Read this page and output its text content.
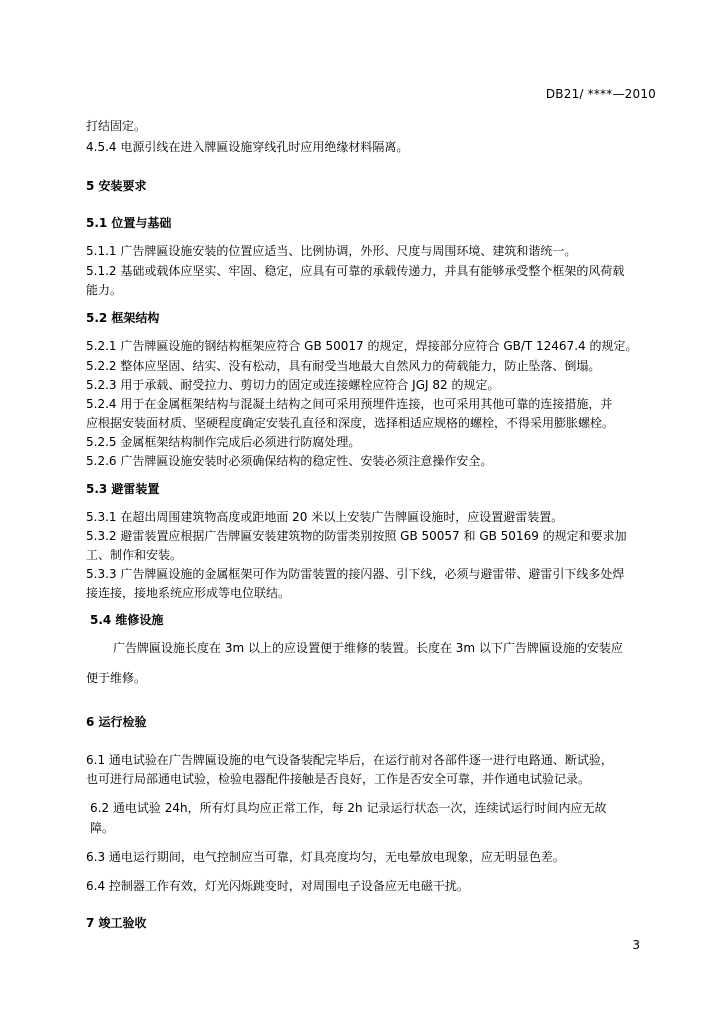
DB21/ ****—2010
打结固定。
4.5.4 电源引线在进入牌匾设施穿线孔时应用绝缘材料隔离。
5 安装要求
5.1 位置与基础
5.1.1 广告牌匾设施安装的位置应适当、比例协调，外形、尺度与周围环境、建筑和谐统一。
5.1.2 基础或载体应坚实、牢固、稳定，应具有可靠的承载传递力，并具有能够承受整个框架的风荷载
能力。
5.2 框架结构
5.2.1 广告牌匾设施的钢结构框架应符合 GB 50017 的规定，焊接部分应符合 GB/T 12467.4 的规定。
5.2.2 整体应坚固、结实、没有松动，具有耐受当地最大自然风力的荷载能力，防止坠落、倒塌。
5.2.3 用于承载、耐受拉力、剪切力的固定或连接螺栓应符合 JGJ 82 的规定。
5.2.4 用于在金属框架结构与混凝土结构之间可采用预埋件连接，也可采用其他可靠的连接措施，并
应根据安装面材质、坚硬程度确定安装孔直径和深度，选择相适应规格的螺栓，不得采用膨胀螺栓。
5.2.5 金属框架结构制作完成后必须进行防腐处理。
5.2.6 广告牌匾设施安装时必须确保结构的稳定性、安装必须注意操作安全。
5.3 避雷装置
5.3.1 在超出周围建筑物高度或距地面 20 米以上安装广告牌匾设施时，应设置避雷装置。
5.3.2 避雷装置应根据广告牌匾安装建筑物的防雷类别按照 GB 50057 和 GB 50169 的规定和要求加
工、制作和安装。
5.3.3 广告牌匾设施的金属框架可作为防雷装置的接闪器、引下线，必须与避雷带、避雷引下线多处焊
接连接，接地系统应形成等电位联结。
5.4 维修设施
广告牌匾设施长度在 3m 以上的应设置便于维修的装置。长度在 3m 以下广告牌匾设施的安装应
便于维修。
6 运行检验
6.1 通电试验在广告牌匾设施的电气设备装配完毕后，在运行前对各部件逐一进行电路通、断试验，
也可进行局部通电试验，检验电器配件接触是否良好，工作是否安全可靠，并作通电试验记录。
6.2 通电试验 24h，所有灯具均应正常工作，每 2h 记录运行状态一次，连续试运行时间内应无故
障。
6.3 通电运行期间，电气控制应当可靠，灯具亮度均匀，无电晕放电现象，应无明显色差。
6.4 控制器工作有效，灯光闪烁跳变时，对周围电子设备应无电磁干扰。
7 竣工验收
3
